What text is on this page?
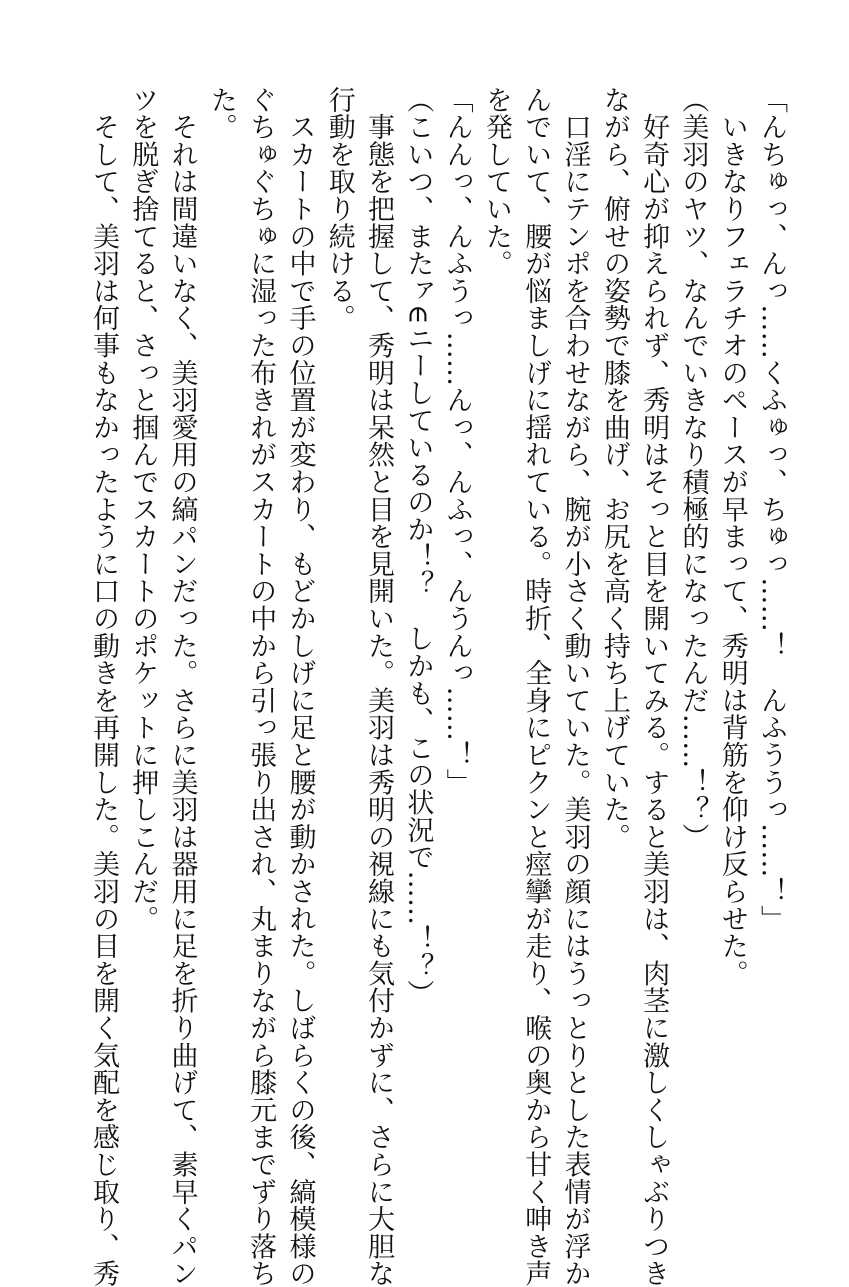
「んちゅっ、んっ……くふゅっ、ちゅっ……！　んふううっ……！」

　いきなりフェラチオのペースが早まって、秀明は背筋を仰け反らせた。

（美羽のヤツ、なんでいきなり積極的になったんだ……！？）

　好奇心が抑えられず、秀明はそっと目を開いてみる。すると美羽は、肉茎に激しくしゃぶりつき

ながら、俯せの姿勢で膝を曲げ、お尻を高く持ち上げていた。

　口淫にテンポを合わせながら、腕が小さく動いていた。美羽の顔にはうっとりとした表情が浮か

んでいて、腰が悩ましげに揺れている。時折、全身にピクンと痙攣が走り、喉の奥から甘く呻き声

を発していた。

「んんっ、んふうっ……んっ、んふっ、んうんっ……！」

（こいつ、またァ∈ニーしているのか！？　しかも、この状況で……！？）

　事態を把握して、秀明は呆然と目を見開いた。美羽は秀明の視線にも気付かずに、さらに大胆な

行動を取り続ける。

　スカートの中で手の位置が変わり、もどかしげに足と腰が動かされた。しばらくの後、縞模様の

ぐちゅぐちゅに湿った布きれがスカートの中から引っ張り出され、丸まりながら膝元までずり落ち

た。

　それは間違いなく、美羽愛用の縞パンだった。さらに美羽は器用に足を折り曲げて、素早くパン

ツを脱ぎ捨てると、さっと掴んでスカートのポケットに押しこんだ。

　そして、美羽は何事もなかったように口の動きを再開した。美羽の目を開く気配を感じ取り、秀
